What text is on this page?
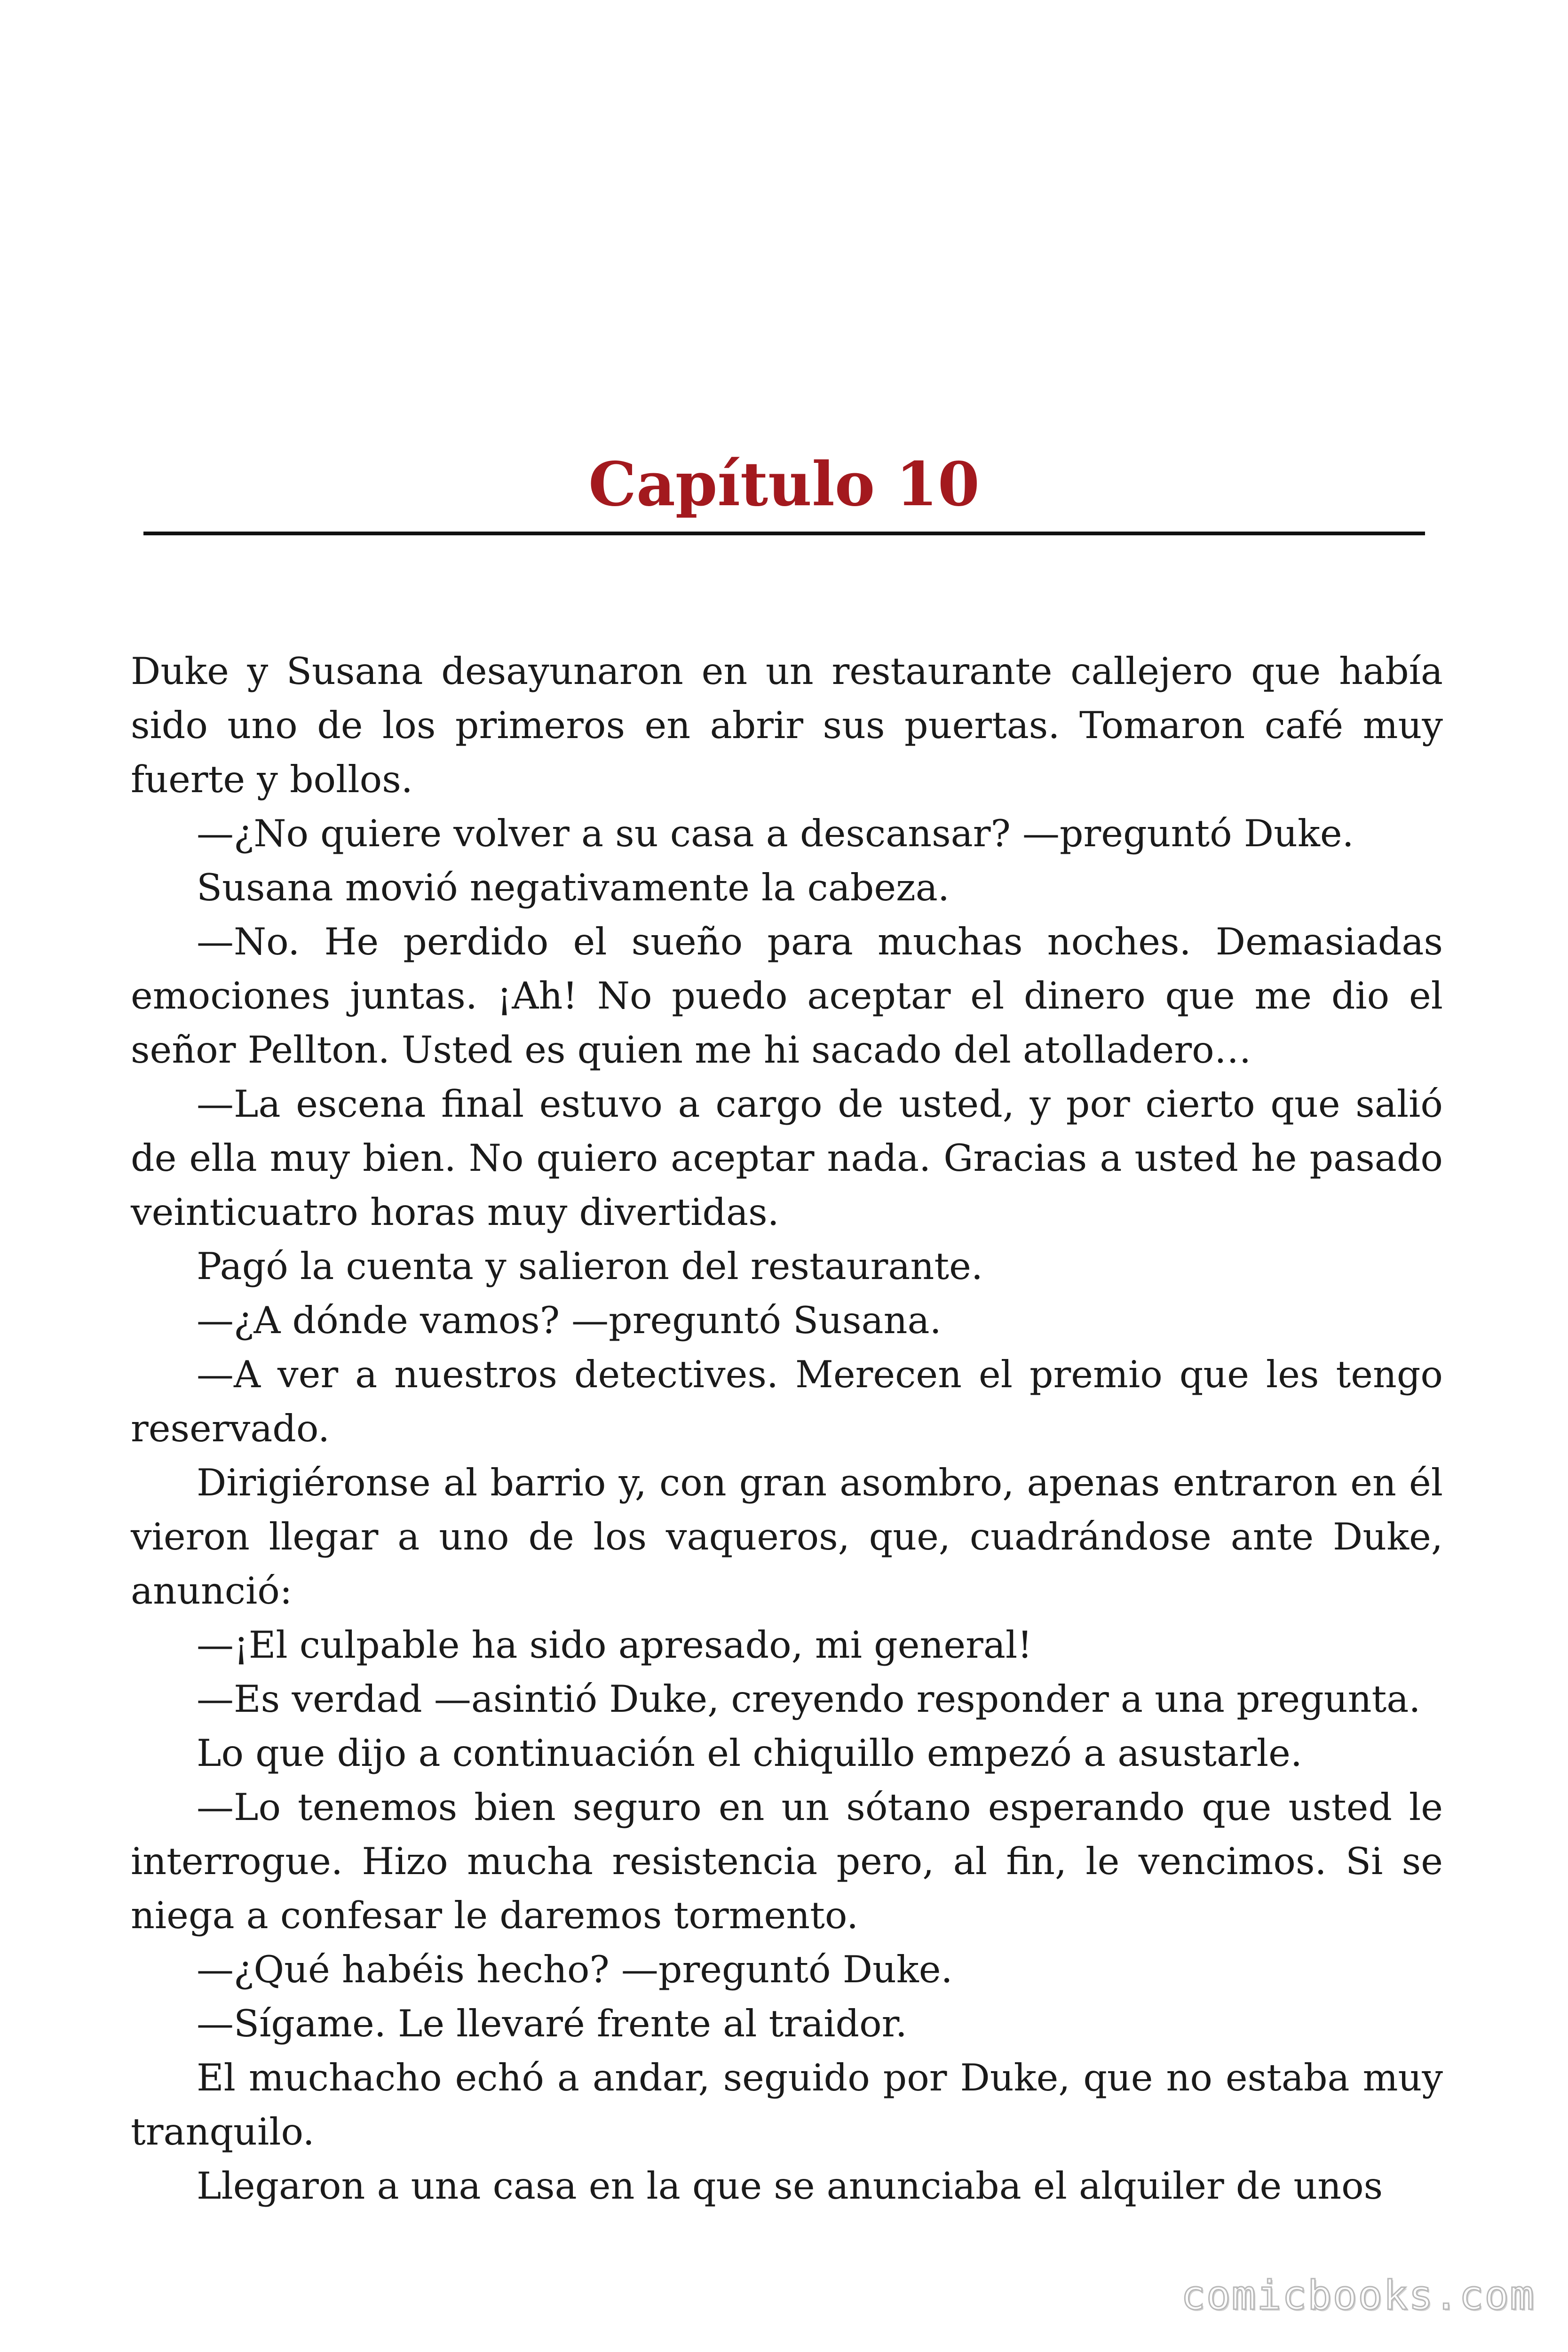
Capítulo 10

Duke y Susana desayunaron en un restaurante callejero que había sido uno de los primeros en abrir sus puertas. Tomaron café muy fuerte y bollos.

—¿No quiere volver a su casa a descansar? —preguntó Duke.

Susana movió negativamente la cabeza.

—No. He perdido el sueño para muchas noches. Demasiadas emociones juntas. ¡Ah! No puedo aceptar el dinero que me dio el señor Pellton. Usted es quien me hi sacado del atolladero…

—La escena final estuvo a cargo de usted, y por cierto que salió de ella muy bien. No quiero aceptar nada. Gracias a usted he pasado veinticuatro horas muy divertidas.

Pagó la cuenta y salieron del restaurante.

—¿A dónde vamos? —preguntó Susana.

—A ver a nuestros detectives. Merecen el premio que les tengo reservado.

Dirigiéronse al barrio y, con gran asombro, apenas entraron en él vieron llegar a uno de los vaqueros, que, cuadrándose ante Duke, anunció:

—¡El culpable ha sido apresado, mi general!

—Es verdad —asintió Duke, creyendo responder a una pregunta.

Lo que dijo a continuación el chiquillo empezó a asustarle.

—Lo tenemos bien seguro en un sótano esperando que usted le interrogue. Hizo mucha resistencia pero, al fin, le vencimos. Si se niega a confesar le daremos tormento.

—¿Qué habéis hecho? —preguntó Duke.

—Sígame. Le llevaré frente al traidor.

El muchacho echó a andar, seguido por Duke, que no estaba muy tranquilo.

Llegaron a una casa en la que se anunciaba el alquiler de unos

comicbooks.com
